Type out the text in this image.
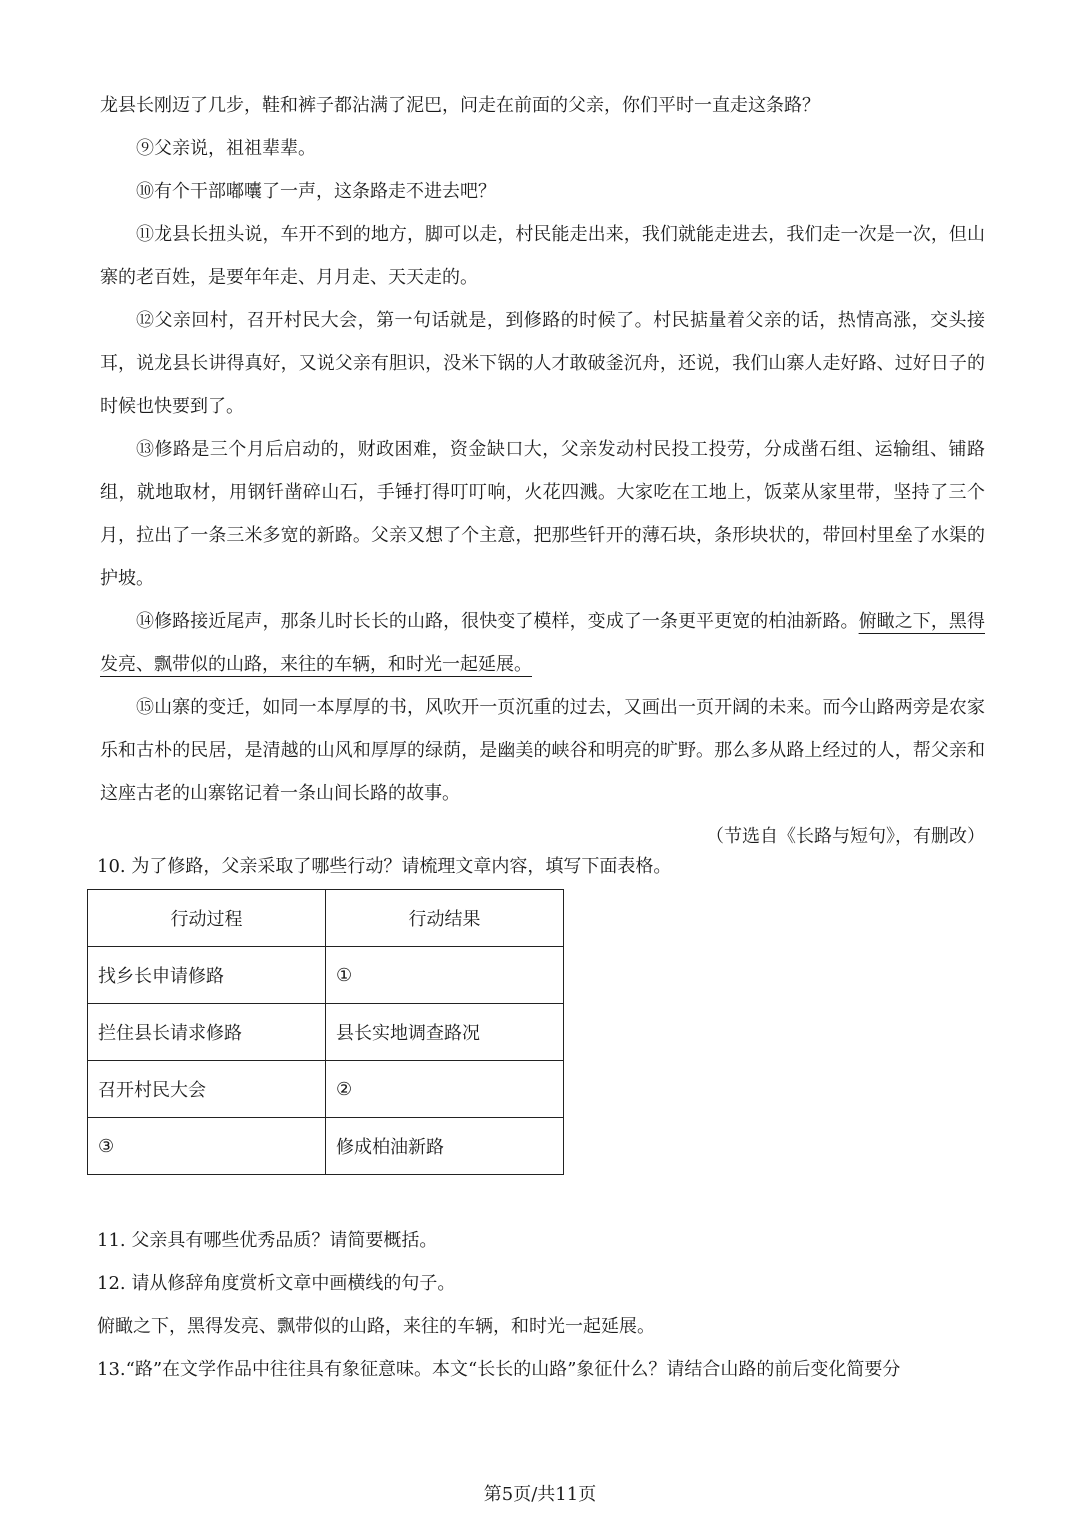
龙县长刚迈了几步，鞋和裤子都沾满了泥巴，问走在前面的父亲，你们平时一直走这条路？

⑨父亲说，祖祖辈辈。

⑩有个干部嘟囔了一声，这条路走不进去吧？

⑪龙县长扭头说，车开不到的地方，脚可以走，村民能走出来，我们就能走进去，我们走一次是一次，但山寨的老百姓，是要年年走、月月走、天天走的。

⑫父亲回村，召开村民大会，第一句话就是，到修路的时候了。村民掂量着父亲的话，热情高涨，交头接耳，说龙县长讲得真好，又说父亲有胆识，没米下锅的人才敢破釜沉舟，还说，我们山寨人走好路、过好日子的时候也快要到了。

⑬修路是三个月后启动的，财政困难，资金缺口大，父亲发动村民投工投劳，分成凿石组、运输组、铺路组，就地取材，用钢钎凿碎山石，手锤打得叮叮响，火花四溅。大家吃在工地上，饭菜从家里带，坚持了三个月，拉出了一条三米多宽的新路。父亲又想了个主意，把那些钎开的薄石块，条形块状的，带回村里垒了水渠的护坡。

⑭修路接近尾声，那条儿时长长的山路，很快变了模样，变成了一条更平更宽的柏油新路。俯瞰之下，黑得发亮、飘带似的山路，来往的车辆，和时光一起延展。

⑮山寨的变迁，如同一本厚厚的书，风吹开一页沉重的过去，又画出一页开阔的未来。而今山路两旁是农家乐和古朴的民居，是清越的山风和厚厚的绿荫，是幽美的峡谷和明亮的旷野。那么多从路上经过的人，帮父亲和这座古老的山寨铭记着一条山间长路的故事。

（节选自《长路与短句》，有删改）

10. 为了修路，父亲采取了哪些行动？请梳理文章内容，填写下面表格。

行动过程	行动结果
找乡长申请修路	①
拦住县长请求修路	县长实地调查路况
召开村民大会	②
③	修成柏油新路

11. 父亲具有哪些优秀品质？请简要概括。

12. 请从修辞角度赏析文章中画横线的句子。

俯瞰之下，黑得发亮、飘带似的山路，来往的车辆，和时光一起延展。

13.“路”在文学作品中往往具有象征意味。本文“长长的山路”象征什么？请结合山路的前后变化简要分

第5页/共11页
